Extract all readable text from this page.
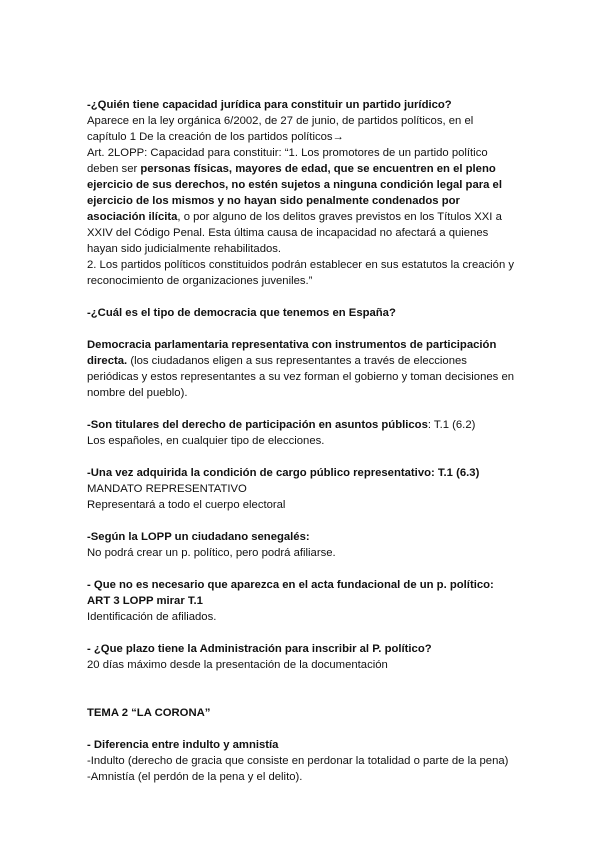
-¿Quién tiene capacidad jurídica para constituir un partido jurídico?

Aparece en la ley orgánica 6/2002, de 27 de junio, de partidos políticos, en el capítulo 1 De la creación de los partidos políticos→

Art. 2LOPP: Capacidad para constituir: “1. Los promotores de un partido político deben ser personas físicas, mayores de edad, que se encuentren en el pleno ejercicio de sus derechos, no estén sujetos a ninguna condición legal para el ejercicio de los mismos y no hayan sido penalmente condenados por asociación ilícita, o por alguno de los delitos graves previstos en los Títulos XXI a XXIV del Código Penal. Esta última causa de incapacidad no afectará a quienes hayan sido judicialmente rehabilitados.

2. Los partidos políticos constituidos podrán establecer en sus estatutos la creación y reconocimiento de organizaciones juveniles.”

-¿Cuál es el tipo de democracia que tenemos en España?

Democracia parlamentaria representativa con instrumentos de participación directa. (los ciudadanos eligen a sus representantes a través de elecciones periódicas y estos representantes a su vez forman el gobierno y toman decisiones en nombre del pueblo).

-Son titulares del derecho de participación en asuntos públicos: T.1 (6.2)

Los españoles, en cualquier tipo de elecciones.

-Una vez adquirida la condición de cargo público representativo: T.1 (6.3)

MANDATO REPRESENTATIVO

Representará a todo el cuerpo electoral

-Según la LOPP un ciudadano senegalés:

No podrá crear un p. político, pero podrá afiliarse.

- Que no es necesario que aparezca en el acta fundacional de un p. político:

ART 3 LOPP mirar T.1

Identificación de afiliados.

- ¿Que plazo tiene la Administración para inscribir al P. político?

20 días máximo desde la presentación de la documentación

TEMA 2 “LA CORONA”

- Diferencia entre indulto y amnistía

-Indulto (derecho de gracia que consiste en perdonar la totalidad o parte de la pena)

-Amnistía (el perdón de la pena y el delito).
